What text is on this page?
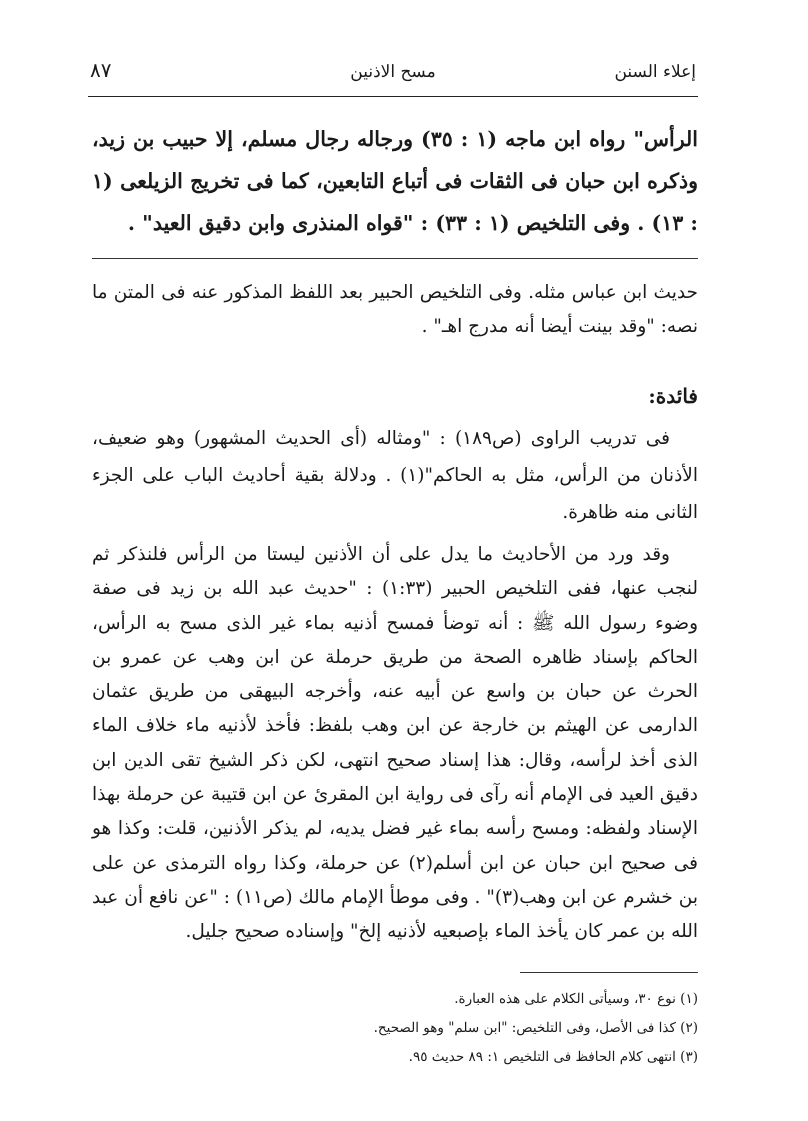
إعلاء السنن
مسح الاذنين
٨٧
الرأس" رواه ابن ماجه (١ : ٣٥) ورجاله رجال مسلم، إلا حبيب بن زيد، وذكره ابن حبان فى الثقات فى أتباع التابعين، كما فى تخريج الزيلعى (١ : ١٣) . وفى التلخيص (١ : ٣٣) : "قواه المنذرى وابن دقيق العيد" .
حديث ابن عباس مثله. وفى التلخيص الحبير بعد اللفظ المذكور عنه فى المتن ما نصه: "وقد بينت أيضا أنه مدرج اهـ" .
فائدة:
فى تدريب الراوى (ص١٨٩) : "ومثاله (أى الحديث المشهور) وهو ضعيف، الأذنان من الرأس، مثل به الحاكم"(١) . ودلالة بقية أحاديث الباب على الجزء الثانى منه ظاهرة.
وقد ورد من الأحاديث ما يدل على أن الأذنين ليستا من الرأس فلنذكر ثم لنجب عنها، ففى التلخيص الحبير (١:٣٣) : "حديث عبد الله بن زيد فى صفة وضوء رسول الله ﷺ : أنه توضأ فمسح أذنيه بماء غير الذى مسح به الرأس، الحاكم بإسناد ظاهره الصحة من طريق حرملة عن ابن وهب عن عمرو بن الحرث عن حبان بن واسع عن أبيه عنه، وأخرجه البيهقى من طريق عثمان الدارمى عن الهيثم بن خارجة عن ابن وهب بلفظ: فأخذ لأذنيه ماء خلاف الماء الذى أخذ لرأسه، وقال: هذا إسناد صحيح انتهى، لكن ذكر الشيخ تقى الدين ابن دقيق العيد فى الإمام أنه رآى فى رواية ابن المقرئ عن ابن قتيبة عن حرملة بهذا الإسناد ولفظه: ومسح رأسه بماء غير فضل يديه، لم يذكر الأذنين، قلت: وكذا هو فى صحيح ابن حبان عن ابن أسلم(٢) عن حرملة، وكذا رواه الترمذى عن على بن خشرم عن ابن وهب(٣)" . وفى موطأ الإمام مالك (ص١١) : "عن نافع أن عبد الله بن عمر كان يأخذ الماء بإصبعيه لأذنيه إلخ" وإسناده صحيح جليل.
(١) نوع ٣٠، وسيأتى الكلام على هذه العبارة.
(٢) كذا فى الأصل، وفى التلخيص: "ابن سلم" وهو الصحيح.
(٣) انتهى كلام الحافظ فى التلخيص ١: ٨٩ حديث ٩٥.
